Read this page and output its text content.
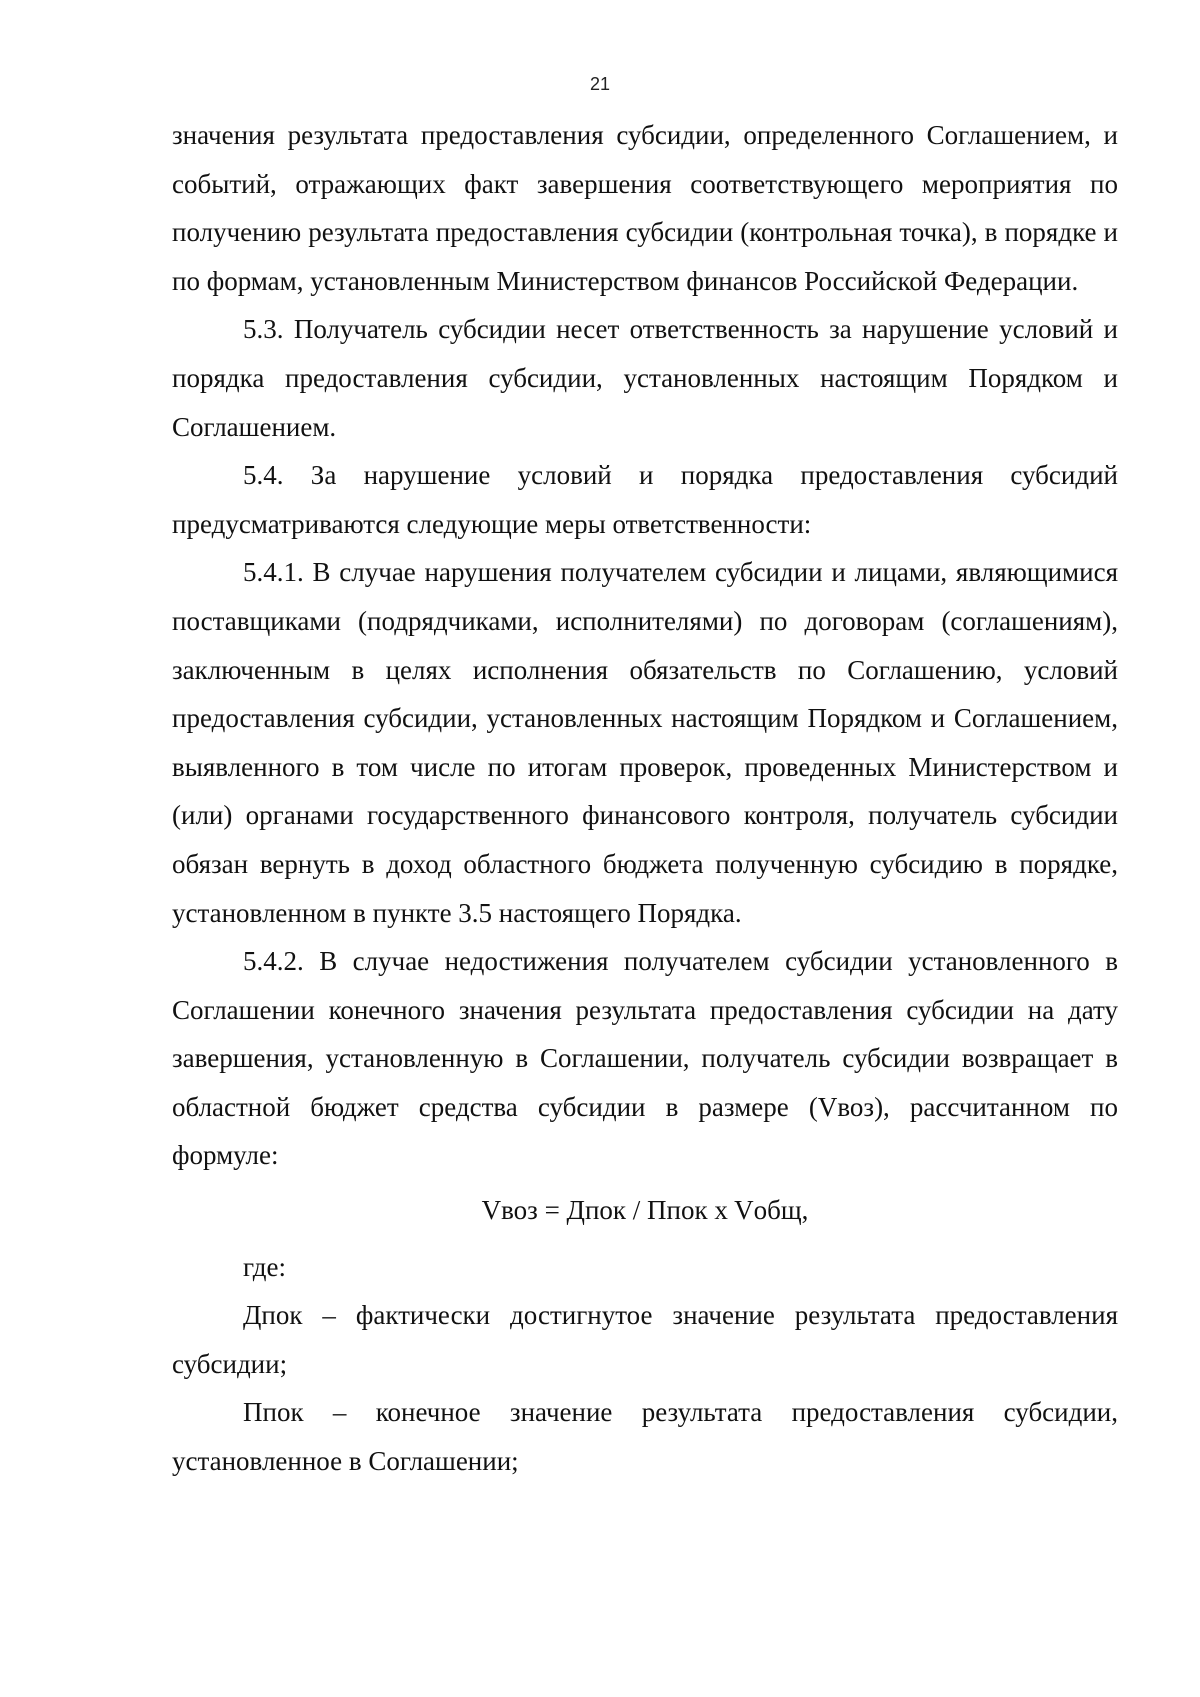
21

значения результата предоставления субсидии, определенного Соглашением, и событий, отражающих факт завершения соответствующего мероприятия по получению результата предоставления субсидии (контрольная точка), в порядке и по формам, установленным Министерством финансов Российской Федерации.

5.3. Получатель субсидии несет ответственность за нарушение условий и порядка предоставления субсидии, установленных настоящим Порядком и Соглашением.

5.4. За нарушение условий и порядка предоставления субсидий предусматриваются следующие меры ответственности:

5.4.1. В случае нарушения получателем субсидии и лицами, являющимися поставщиками (подрядчиками, исполнителями) по договорам (соглашениям), заключенным в целях исполнения обязательств по Соглашению, условий предоставления субсидии, установленных настоящим Порядком и Соглашением, выявленного в том числе по итогам проверок, проведенных Министерством и (или) органами государственного финансового контроля, получатель субсидии обязан вернуть в доход областного бюджета полученную субсидию в порядке, установленном в пункте 3.5 настоящего Порядка.

5.4.2. В случае недостижения получателем субсидии установленного в Соглашении конечного значения результата предоставления субсидии на дату завершения, установленную в Соглашении, получатель субсидии возвращает в областной бюджет средства субсидии в размере (Vвоз), рассчитанном по формуле:

Vвоз = Дпок / Ппок x Vобщ,

где:

Дпок – фактически достигнутое значение результата предоставления субсидии;

Ппок – конечное значение результата предоставления субсидии, установленное в Соглашении;
